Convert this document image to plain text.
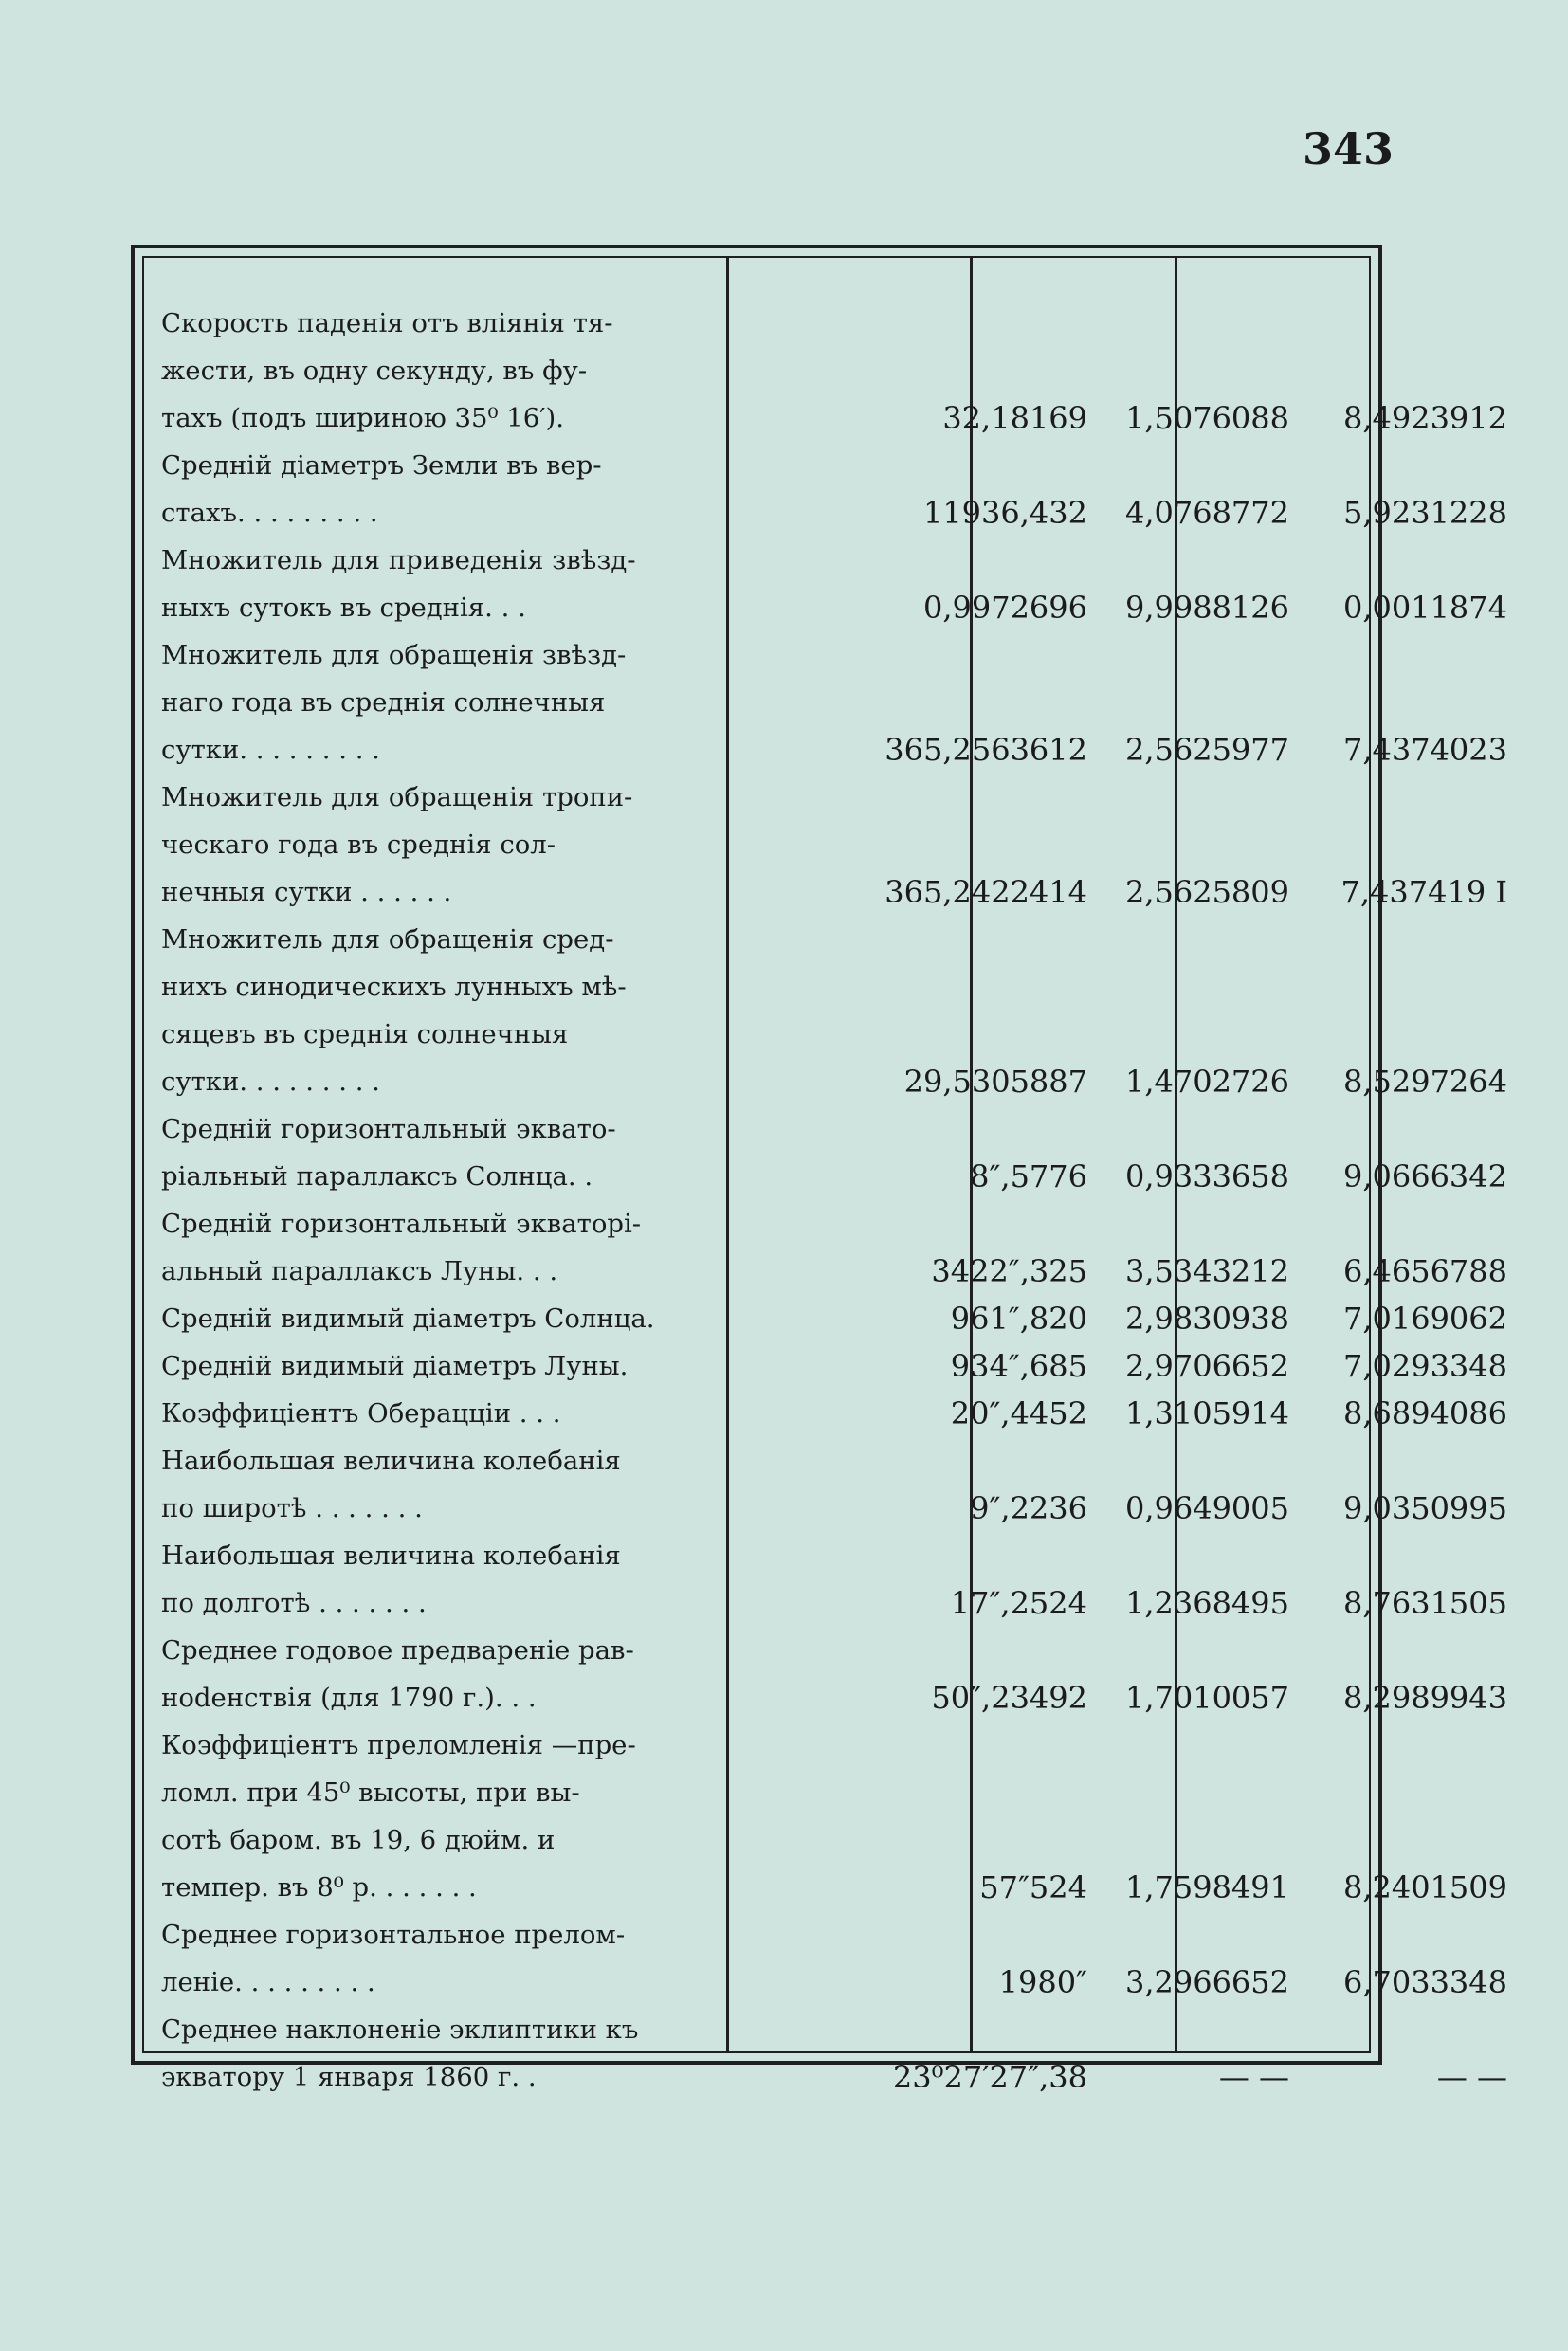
343
Скорость паденія отъ вліянія тя-
жести, въ одну секунду, въ фу-
тахъ (подъ шириною 35⁰ 16′).	32,18169 1,5076088	8,4923912
Средній діаметръ Земли въ вер-
стахъ. . . . . . . . .	11936,432 4,0768772	5,9231228
Множитель для приведенія звѣзд-
ныхъ сутокъ въ среднія. . .	0,9972696 9,9988126	0,0011874
Множитель для обращенія звѣзд-
наго года въ среднія солнечныя
сутки. . . . . . . . .	365,2563612 2,5625977	7,4374023
Множитель для обращенія тропи-
ческаго года въ среднія сол-
нечныя сутки . . . . . .	365,2422414 2,5625809	7,437419 I
Множитель для обращенія сред-
нихъ синодическихъ лунныхъ мѣ-
сяцевъ въ среднія солнечныя
сутки. . . . . . . . .	29,5305887 1,4702726	8,5297264
Средній горизонтальный эквато-
ріальный параллаксъ Солнца. .	8″,5776 0,9333658	9,0666342
Средній горизонтальный экваторі-
альный параллаксъ Луны. . .	3422″,325 3,5343212	6,4656788
Средній видимый діаметръ Солнца.	961″,820 2,9830938	7,0169062
Средній видимый діаметръ Луны.	934″,685 2,9706652	7,0293348
Коэффиціентъ Оберацціи . . .	20″,4452 1,3105914	8,6894086
Наибольшая величина колебанія
по широтѣ . . . . . . .	9″,2236 0,9649005	9,0350995
Наибольшая величина колебанія
по долготѣ . . . . . . .	17″,2524 1,2368495	8,7631505
Среднее годовое предвареніе рав-
нodенствія (для 1790 г.). . .	50″,23492 1,7010057	8,2989943
Коэффиціентъ преломленія —пре-
ломл. при 45⁰ высоты, при вы-
сотѣ баром. въ 19, 6 дюйм. и
темпер. въ 8⁰ р. . . . . . .	57″524 1,7598491	8,2401509
Среднее горизонтальное прелом-
леніе. . . . . . . . .	1980″ 3,2966652	6,7033348
Среднее наклоненіе эклиптики къ
экватору 1 января 1860 г. .	23⁰27′27″,38	— —	— —
